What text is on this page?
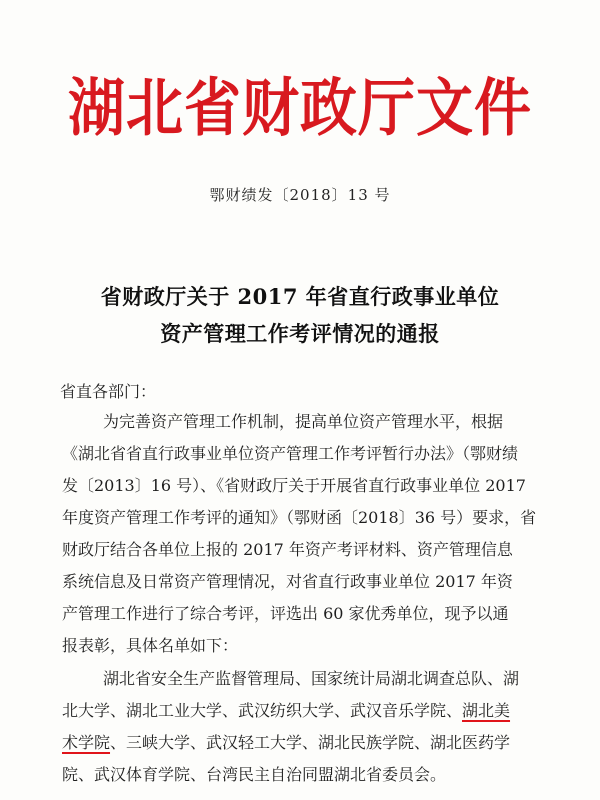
湖北省财政厅文件
鄂财绩发〔2018〕13 号
省财政厅关于 2017 年省直行政事业单位
资产管理工作考评情况的通报
省直各部门：
为完善资产管理工作机制，提高单位资产管理水平，根据
《湖北省省直行政事业单位资产管理工作考评暂行办法》（鄂财绩
发〔2013〕16 号）、《省财政厅关于开展省直行政事业单位 2017
年度资产管理工作考评的通知》（鄂财函〔2018〕36 号）要求，省
财政厅结合各单位上报的 2017 年资产考评材料、资产管理信息
系统信息及日常资产管理情况，对省直行政事业单位 2017 年资
产管理工作进行了综合考评，评选出 60 家优秀单位，现予以通
报表彰，具体名单如下：
湖北省安全生产监督管理局、国家统计局湖北调查总队、湖
北大学、湖北工业大学、武汉纺织大学、武汉音乐学院、湖北美
术学院、三峡大学、武汉轻工大学、湖北民族学院、湖北医药学
院、武汉体育学院、台湾民主自治同盟湖北省委员会。
